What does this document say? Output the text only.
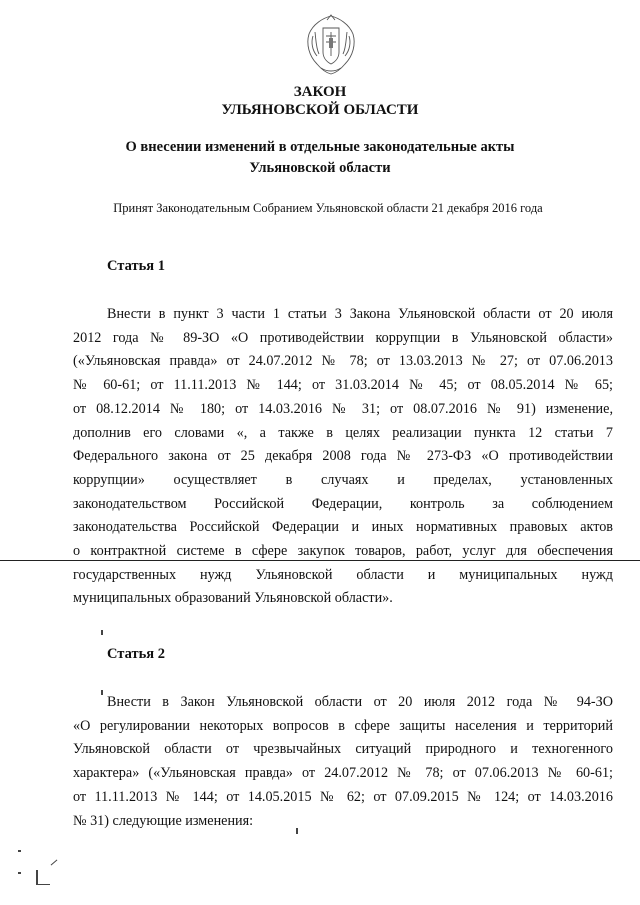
ЗАКОН
УЛЬЯНОВСКОЙ ОБЛАСТИ
О внесении изменений в отдельные законодательные акты
Ульяновской области
Принят Законодательным Собранием Ульяновской области 21 декабря 2016 года
Статья 1
Внести в пункт 3 части 1 статьи 3 Закона Ульяновской области от 20 июля
2012 года № 89-ЗО «О противодействии коррупции в Ульяновской области»
(«Ульяновская правда» от 24.07.2012 № 78; от 13.03.2013 № 27; от 07.06.2013
№ 60-61; от 11.11.2013 № 144; от 31.03.2014 № 45; от 08.05.2014 № 65;
от 08.12.2014 № 180; от 14.03.2016 № 31; от 08.07.2016 № 91) изменение,
дополнив его словами «, а также в целях реализации пункта 12 статьи 7
Федерального закона от 25 декабря 2008 года № 273-ФЗ «О противодействии
коррупции» осуществляет в случаях и пределах, установленных
законодательством Российской Федерации, контроль за соблюдением
законодательства Российской Федерации и иных нормативных правовых актов
о контрактной системе в сфере закупок товаров, работ, услуг для обеспечения
государственных нужд Ульяновской области и муниципальных нужд
муниципальных образований Ульяновской области».
Статья 2
Внести в Закон Ульяновской области от 20 июля 2012 года № 94-ЗО
«О регулировании некоторых вопросов в сфере защиты населения и территорий
Ульяновской области от чрезвычайных ситуаций природного и техногенного
характера» («Ульяновская правда» от 24.07.2012 № 78; от 07.06.2013 № 60-61;
от 11.11.2013 № 144; от 14.05.2015 № 62; от 07.09.2015 № 124; от 14.03.2016
№ 31) следующие изменения:
